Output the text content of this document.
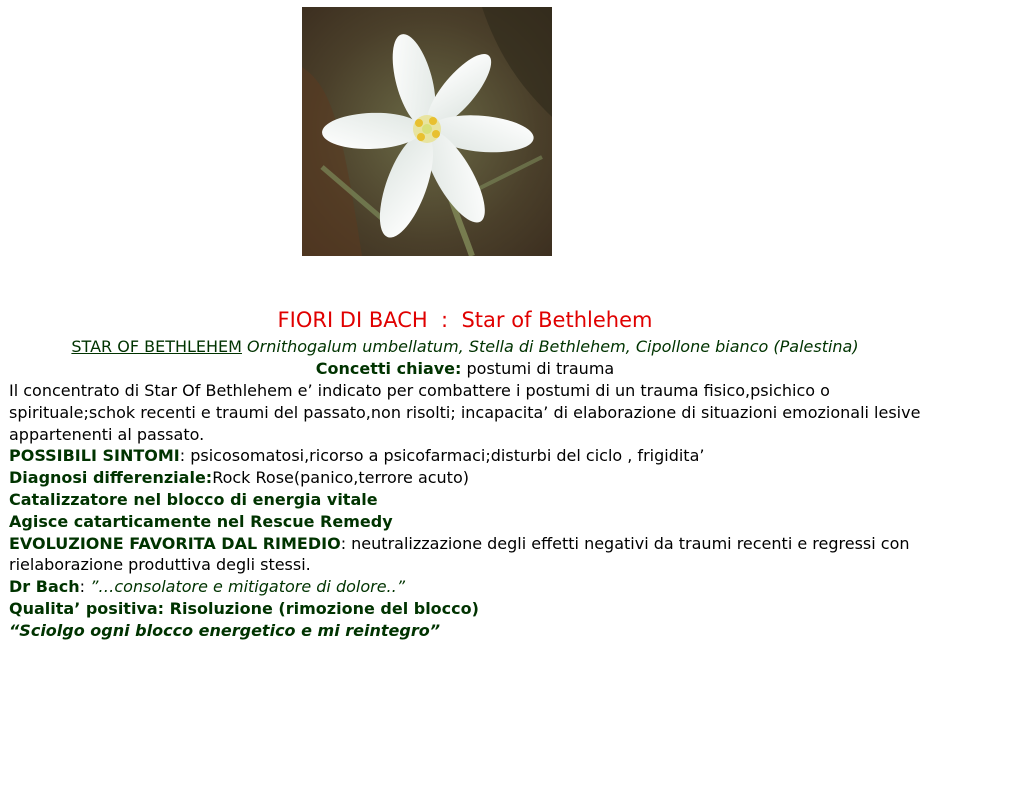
FIORI DI BACH  :  Star of Bethlehem
STAR OF BETHLEHEM Ornithogalum umbellatum, Stella di Bethlehem, Cipollone bianco (Palestina)
Concetti chiave: postumi di trauma

Il concentrato di Star Of Bethlehem e’ indicato per combattere i postumi di un trauma fisico,psichico o spirituale;schok recenti e traumi del passato,non risolti; incapacita’ di elaborazione di situazioni emozionali lesive appartenenti al passato.

POSSIBILI SINTOMI: psicosomatosi,ricorso a psicofarmaci;disturbi del ciclo , frigidita’

Diagnosi differenziale:Rock Rose(panico,terrore acuto)

Catalizzatore nel blocco di energia vitale

Agisce catarticamente nel Rescue Remedy

EVOLUZIONE FAVORITA DAL RIMEDIO: neutralizzazione degli effetti negativi da traumi recenti e regressi con rielaborazione produttiva degli stessi.

Dr Bach: ”…consolatore e mitigatore di dolore..”

Qualita’ positiva: Risoluzione (rimozione del blocco)

“Sciolgo ogni blocco energetico e mi reintegro”
